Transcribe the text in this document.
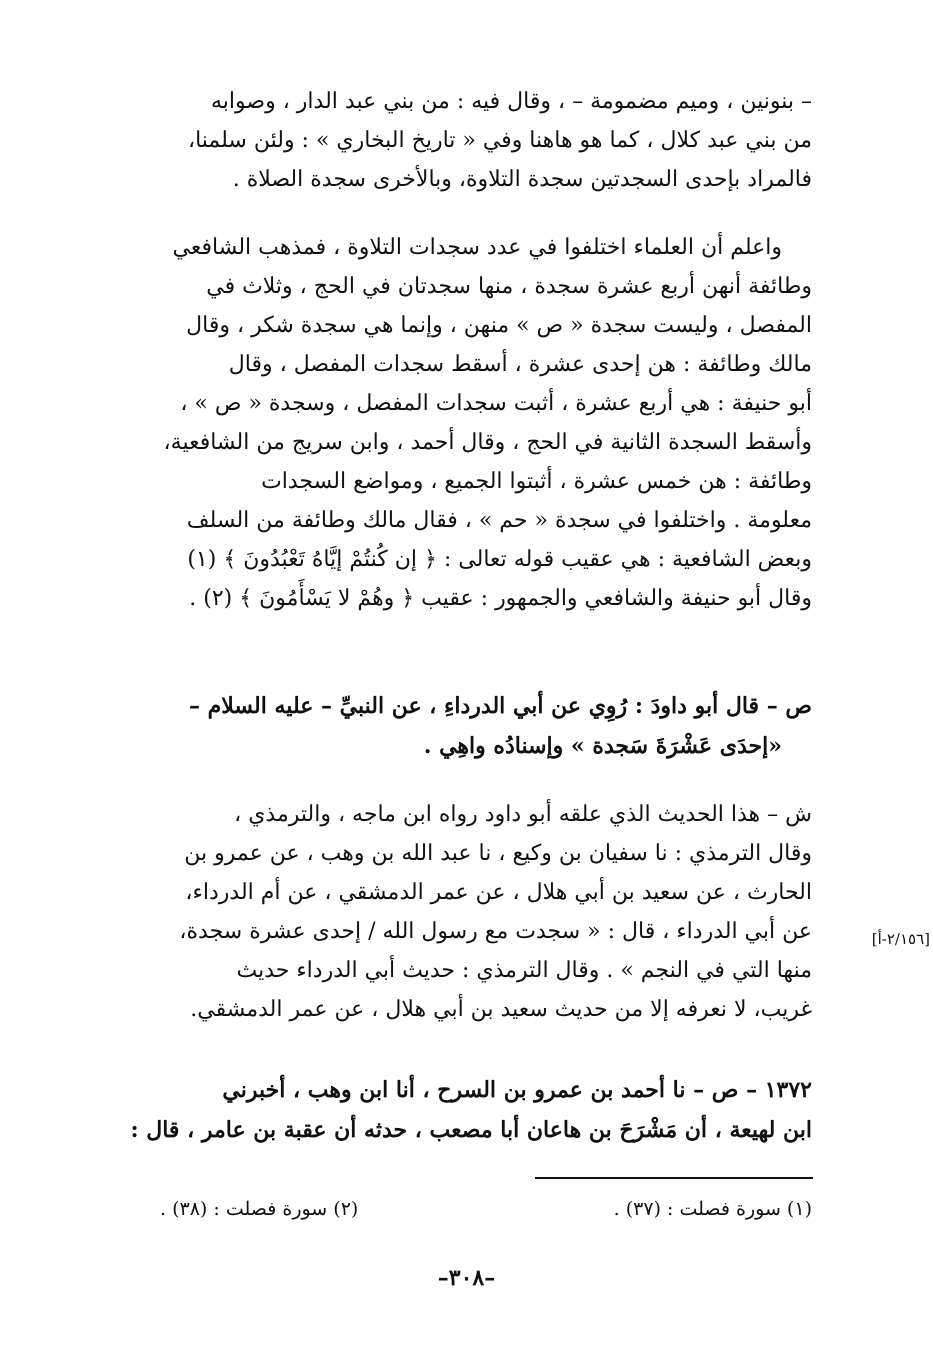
– بنونين ، وميم مضمومة – ، وقال فيه : من بني عبد الدار ، وصوابه
من بني عبد كلال ، كما هو هاهنا وفي « تاريخ البخاري » : ولئن سلمنا،
فالمراد بإحدى السجدتين سجدة التلاوة، وبالأخرى سجدة الصلاة .
واعلم أن العلماء اختلفوا في عدد سجدات التلاوة ، فمذهب الشافعي
وطائفة أنهن أربع عشرة سجدة ، منها سجدتان في الحج ، وثلاث في
المفصل ، وليست سجدة « ص » منهن ، وإنما هي سجدة شكر ، وقال
مالك وطائفة : هن إحدى عشرة ، أسقط سجدات المفصل ، وقال
أبو حنيفة : هي أربع عشرة ، أثبت سجدات المفصل ، وسجدة « ص » ،
وأسقط السجدة الثانية في الحج ، وقال أحمد ، وابن سريج من الشافعية،
وطائفة : هن خمس عشرة ، أثبتوا الجميع ، ومواضع السجدات
معلومة . واختلفوا في سجدة « حم » ، فقال مالك وطائفة من السلف
وبعض الشافعية : هي عقيب قوله تعالى : ﴿ إن كُنتُمْ إيَّاهُ تَعْبُدُونَ ﴾ (١)
وقال أبو حنيفة والشافعي والجمهور : عقيب ﴿ وهُمْ لا يَسْأَمُونَ ﴾ (٢) .
ص – قال أبو داودَ : رُوِي عن أبي الدرداءِ ، عن النبيِّ – عليه السلام –
«إحدَى عَشْرَةَ سَجدة » وإسنادُه واهِي .
ش – هذا الحديث الذي علقه أبو داود رواه ابن ماجه ، والترمذي ،
وقال الترمذي : نا سفيان بن وكيع ، نا عبد الله بن وهب ، عن عمرو بن
الحارث ، عن سعيد بن أبي هلال ، عن عمر الدمشقي ، عن أم الدرداء،
عن أبي الدرداء ، قال : « سجدت مع رسول الله / إحدى عشرة سجدة،
منها التي في النجم » . وقال الترمذي : حديث أبي الدرداء حديث
غريب، لا نعرفه إلا من حديث سعيد بن أبي هلال ، عن عمر الدمشقي.
[٢/١٥٦-أ]
١٣٧٢ – ص – نا أحمد بن عمرو بن السرح ، أنا ابن وهب ، أخبرني
ابن لهيعة ، أن مَشْرَحَ بن هاعان أبا مصعب ، حدثه أن عقبة بن عامر ، قال :
(١) سورة فصلت : (٣٧) .
(٢) سورة فصلت : (٣٨) .
–٣٠٨–
